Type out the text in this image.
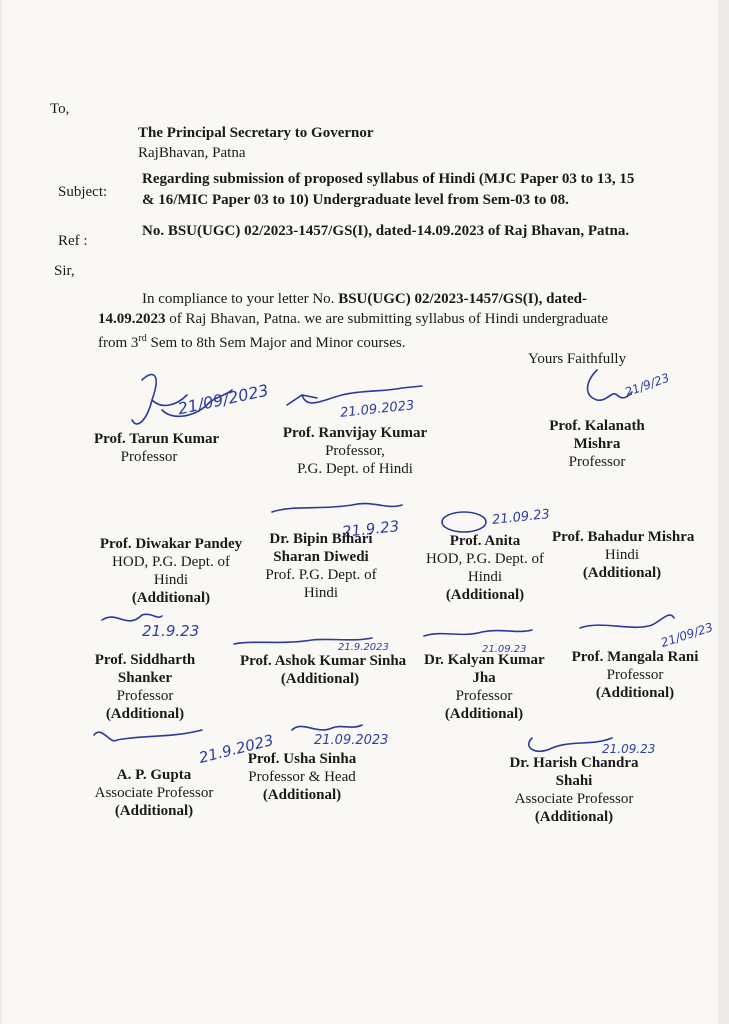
To,
The Principal Secretary to Governor
RajBhavan, Patna
Subject:
Regarding submission of proposed syllabus of Hindi (MJC Paper 03 to 13, 15
& 16/MIC Paper 03 to 10) Undergraduate level from Sem-03 to 08.
Ref :
No. BSU(UGC) 02/2023-1457/GS(I), dated-14.09.2023 of Raj Bhavan, Patna.
Sir,
In compliance to your letter No. BSU(UGC) 02/2023-1457/GS(I), dated-
14.09.2023 of Raj Bhavan, Patna. we are submitting syllabus of Hindi undergraduate
from 3rd Sem to 8th Sem Major and Minor courses.
Yours Faithfully
21/09/2023	21.09.2023
21/9/23
21.9.23	21.09.23
21.9.23
21.9.2023	21.09.23	21/09/23
21.9.2023	21.09.2023
21.09.23
Prof. Tarun Kumar
Professor
Prof. Ranvijay Kumar
Professor,
P.G. Dept. of Hindi
Prof. Kalanath
Mishra
Professor
Prof. Diwakar Pandey
HOD, P.G. Dept. of
Hindi
(Additional)
Dr. Bipin Bihari
Sharan Diwedi
Prof. P.G. Dept. of
Hindi
Prof. Anita
HOD, P.G. Dept. of
Hindi
(Additional)
Prof. Bahadur Mishra
Hindi
(Additional)
Prof. Siddharth
Shanker
Professor
(Additional)
Prof. Ashok Kumar Sinha
(Additional)
Dr. Kalyan Kumar
Jha
Professor
(Additional)
Prof. Mangala Rani
Professor
(Additional)
A. P. Gupta
Associate Professor
(Additional)
Prof. Usha Sinha
Professor & Head
(Additional)
Dr. Harish Chandra
Shahi
Associate Professor
(Additional)
